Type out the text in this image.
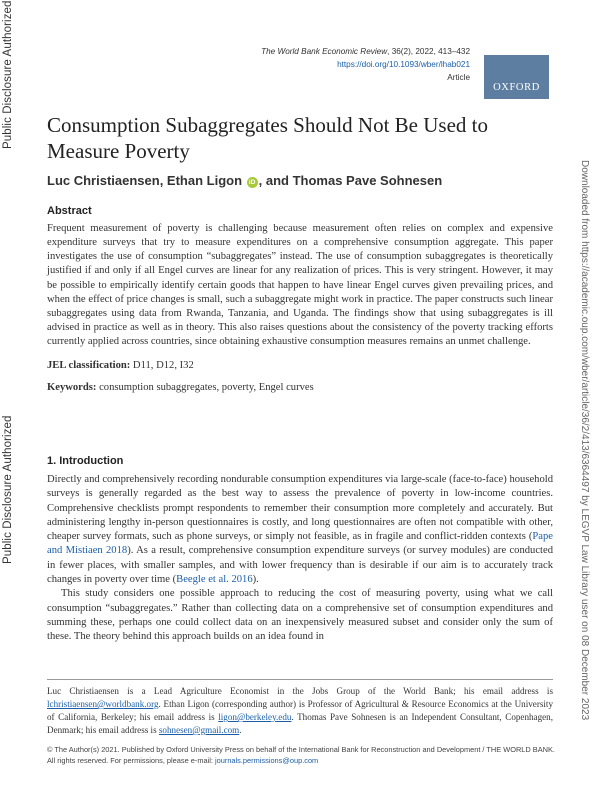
Public Disclosure Authorized
Public Disclosure Authorized	Downloaded from https://academic.oup.com/wber/article/36/2/413/6364497 by LEGVP Law Library user on 08 December 2023
The World Bank Economic Review, 36(2), 2022, 413–432
https://doi.org/10.1093/wber/lhab021
Article
OXFORD
Consumption Subaggregates Should Not Be Used to Measure Poverty
Luc Christiaensen, Ethan Ligon iD , and Thomas Pave Sohnesen
Abstract

Frequent measurement of poverty is challenging because measurement often relies on complex and expensive expenditure surveys that try to measure expenditures on a comprehensive consumption aggregate. This paper investigates the use of consumption “subaggregates” instead. The use of consumption subaggregates is theoretically justified if and only if all Engel curves are linear for any realization of prices. This is very stringent. However, it may be possible to empirically identify certain goods that happen to have linear Engel curves given prevailing prices, and when the effect of price changes is small, such a subaggregate might work in practice. The paper constructs such linear subaggregates using data from Rwanda, Tanzania, and Uganda. The findings show that using subaggregates is ill advised in practice as well as in theory. This also raises questions about the consistency of the poverty tracking efforts currently applied across countries, since obtaining exhaustive consumption measures remains an unmet challenge.

JEL classification: D11, D12, I32
Keywords: consumption subaggregates, poverty, Engel curves
1. Introduction

Directly and comprehensively recording nondurable consumption expenditures via large-scale (face-to-face) household surveys is generally regarded as the best way to assess the prevalence of poverty in low-income countries. Comprehensive checklists prompt respondents to remember their consumption more completely and accurately. But administering lengthy in-person questionnaires is costly, and long questionnaires are often not compatible with other, cheaper survey formats, such as phone surveys, or simply not feasible, as in fragile and conflict-ridden contexts (Pape and Mistiaen 2018). As a result, comprehensive consumption expenditure surveys (or survey modules) are conducted in fewer places, with smaller samples, and with lower frequency than is desirable if our aim is to accurately track changes in poverty over time (Beegle et al. 2016).

This study considers one possible approach to reducing the cost of measuring poverty, using what we call consumption “subaggregates.” Rather than collecting data on a comprehensive set of consumption expenditures and summing these, perhaps one could collect data on an inexpensively measured subset and consider only the sum of these. The theory behind this approach builds on an idea found in

Luc Christiaensen is a Lead Agriculture Economist in the Jobs Group of the World Bank; his email address is lchristiaensen@worldbank.org. Ethan Ligon (corresponding author) is Professor of Agricultural & Resource Economics at the University of California, Berkeley; his email address is ligon@berkeley.edu. Thomas Pave Sohnesen is an Independent Consultant, Copenhagen, Denmark; his email address is sohnesen@gmail.com.
© The Author(s) 2021. Published by Oxford University Press on behalf of the International Bank for Reconstruction and Development / THE WORLD BANK.
All rights reserved. For permissions, please e-mail: journals.permissions@oup.com
